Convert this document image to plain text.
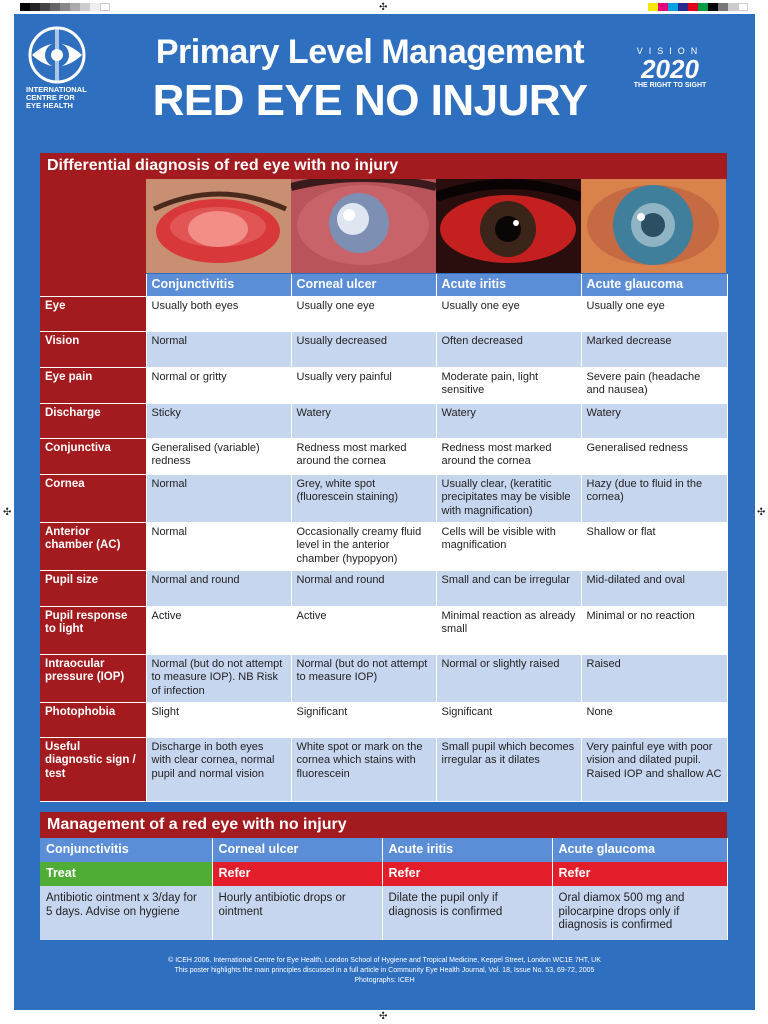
✣
✣	✣
✣
INTERNATIONAL CENTRE FOR EYE HEALTH
Primary Level Management
RED EYE NO INJURY
VISION
2020
THE RIGHT TO SIGHT
Differential diagnosis of red eye with no injury
	Conjunctivitis	Corneal ulcer	Acute iritis	Acute glaucoma
Eye	Usually both eyes	Usually one eye	Usually one eye	Usually one eye
Vision	Normal	Usually decreased	Often decreased	Marked decrease
Eye pain	Normal or gritty	Usually very painful	Moderate pain, light sensitive	Severe pain (headache and nausea)
Discharge	Sticky	Watery	Watery	Watery
Conjunctiva	Generalised (variable) redness	Redness most marked around the cornea	Redness most marked around the cornea	Generalised redness
Cornea	Normal	Grey, white spot (fluorescein staining)	Usually clear, (keratitic precipitates may be visible with magnification)	Hazy (due to fluid in the cornea)
Anterior chamber (AC)	Normal	Occasionally creamy fluid level in the anterior chamber (hypopyon)	Cells will be visible with magnification	Shallow or flat
Pupil size	Normal and round	Normal and round	Small and can be irregular	Mid-dilated and oval
Pupil response to light	Active	Active	Minimal reaction as already small	Minimal or no reaction
Intraocular pressure (IOP)	Normal (but do not attempt to measure IOP). NB Risk of infection	Normal (but do not attempt to measure IOP)	Normal or slightly raised	Raised
Photophobia	Slight	Significant	Significant	None
Useful diagnostic sign / test	Discharge in both eyes with clear cornea, normal pupil and normal vision	White spot or mark on the cornea which stains with fluorescein	Small pupil which becomes irregular as it dilates	Very painful eye with poor vision and dilated pupil. Raised IOP and shallow AC
Management of a red eye with no injury
Conjunctivitis	Corneal ulcer	Acute iritis	Acute glaucoma
Treat	Refer	Refer	Refer
Antibiotic ointment x 3/day for 5 days. Advise on hygiene	Hourly antibiotic drops or ointment	Dilate the pupil only if diagnosis is confirmed	Oral diamox 500 mg and pilocarpine drops only if diagnosis is confirmed
© ICEH 2006. International Centre for Eye Health, London School of Hygiene and Tropical Medicine, Keppel Street, London WC1E 7HT, UK
This poster highlights the main principles discussed in a full article in Community Eye Health Journal, Vol. 18, Issue No. 53, 69-72, 2005
Photographs: ICEH
